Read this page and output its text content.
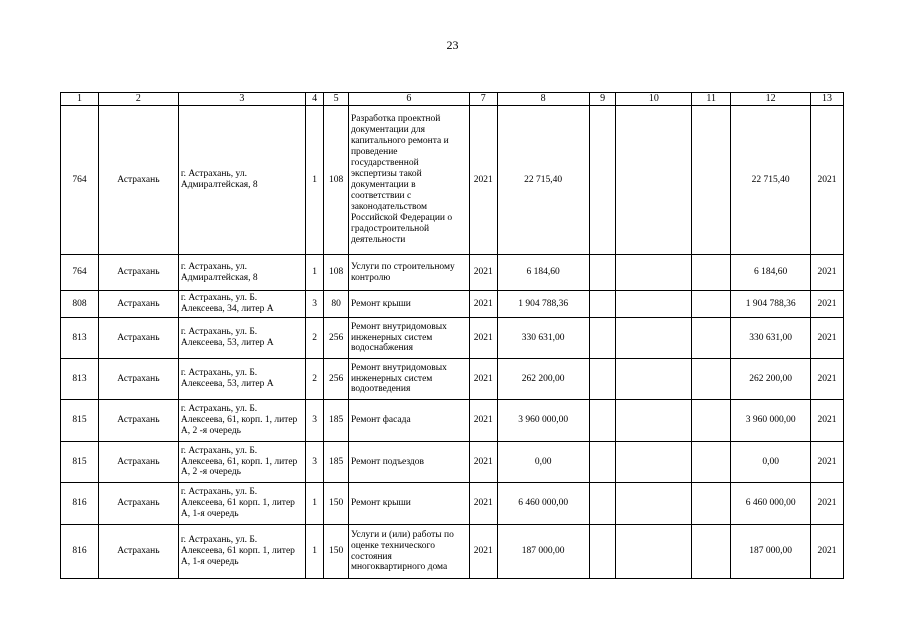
23
1	2	3	4	5	6	7	8	9	10	11	12	13
764	Астрахань	г. Астрахань, ул. Адмиралтейская, 8	1	108	Разработка проектной документации для капитального ремонта и проведение государственной экспертизы такой документации в соответствии с законодательством Российской Федерации о градостроительной деятельности	2021	22 715,40				22 715,40	2021
764	Астрахань	г. Астрахань, ул. Адмиралтейская, 8	1	108	Услуги по строительному контролю	2021	6 184,60				6 184,60	2021
808	Астрахань	г. Астрахань, ул. Б. Алексеева, 34, литер А	3	80	Ремонт крыши	2021	1 904 788,36				1 904 788,36	2021
813	Астрахань	г. Астрахань, ул. Б. Алексеева, 53, литер А	2	256	Ремонт внутридомовых инженерных систем водоснабжения	2021	330 631,00				330 631,00	2021
813	Астрахань	г. Астрахань, ул. Б. Алексеева, 53, литер А	2	256	Ремонт внутридомовых инженерных систем водоотведения	2021	262 200,00				262 200,00	2021
815	Астрахань	г. Астрахань, ул. Б. Алексеева, 61, корп. 1, литер А, 2 -я очередь	3	185	Ремонт фасада	2021	3 960 000,00				3 960 000,00	2021
815	Астрахань	г. Астрахань, ул. Б. Алексеева, 61, корп. 1, литер А, 2 -я очередь	3	185	Ремонт подъездов	2021	0,00				0,00	2021
816	Астрахань	г. Астрахань, ул. Б. Алексеева, 61 корп. 1, литер А, 1-я очередь	1	150	Ремонт крыши	2021	6 460 000,00				6 460 000,00	2021
816	Астрахань	г. Астрахань, ул. Б. Алексеева, 61 корп. 1, литер А, 1-я очередь	1	150	Услуги и (или) работы по оценке технического состояния многоквартирного дома	2021	187 000,00				187 000,00	2021
